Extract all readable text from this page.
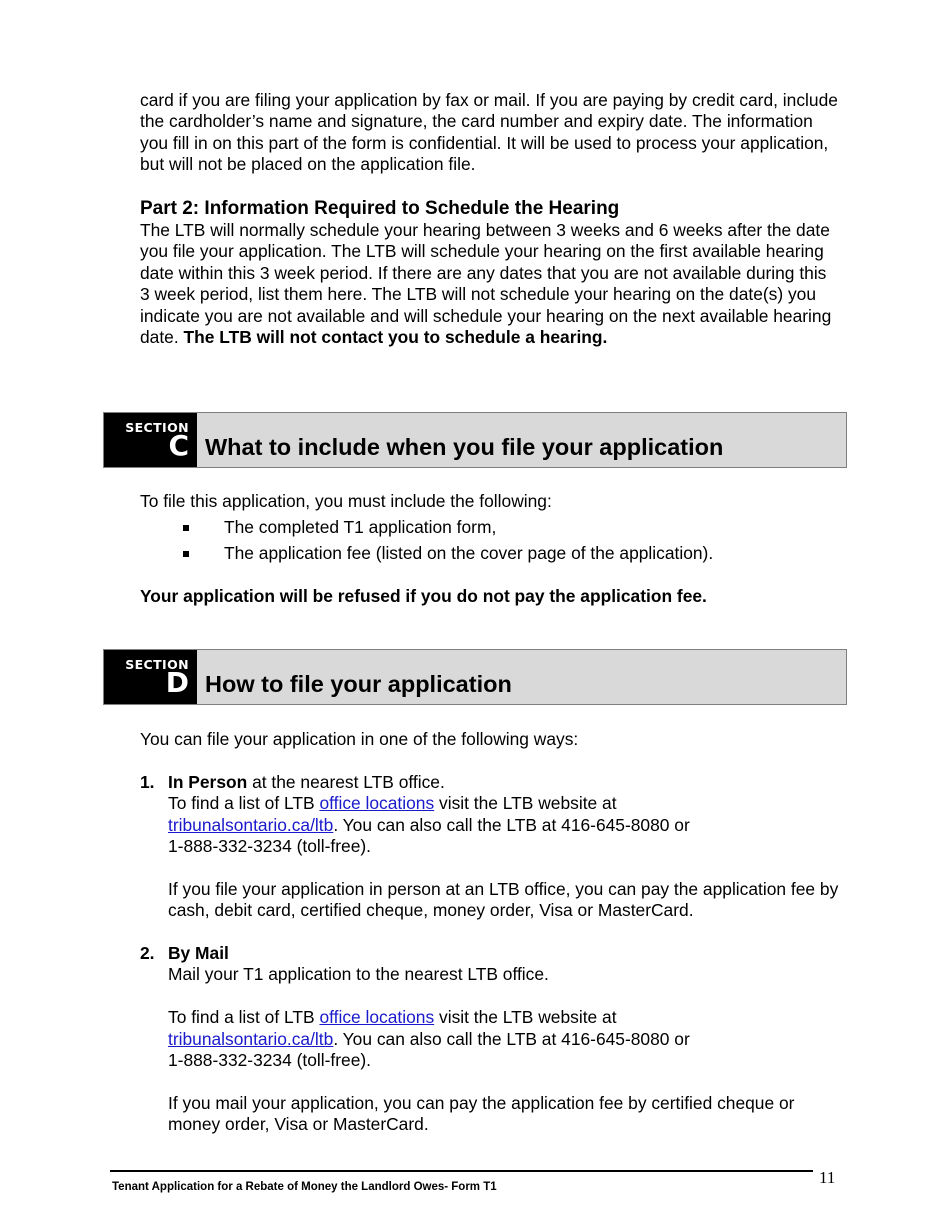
card if you are filing your application by fax or mail. If you are paying by credit card, include the cardholder’s name and signature, the card number and expiry date. The information you fill in on this part of the form is confidential. It will be used to process your application, but will not be placed on the application file.

Part 2: Information Required to Schedule the Hearing

The LTB will normally schedule your hearing between 3 weeks and 6 weeks after the date you file your application. The LTB will schedule your hearing on the first available hearing date within this 3 week period. If there are any dates that you are not available during this 3 week period, list them here. The LTB will not schedule your hearing on the date(s) you indicate you are not available and will schedule your hearing on the next available hearing date. The LTB will not contact you to schedule a hearing.

SECTION
C What to include when you file your application

To file this application, you must include the following:

The completed T1 application form,
The application fee (listed on the cover page of the application).

Your application will be refused if you do not pay the application fee.

SECTION
D How to file your application

You can file your application in one of the following ways:

1. In Person at the nearest LTB office.

To find a list of LTB office locations visit the LTB website at

tribunalsontario.ca/ltb. You can also call the LTB at 416-645-8080 or

1-888-332-3234 (toll-free).

If you file your application in person at an LTB office, you can pay the application fee by cash, debit card, certified cheque, money order, Visa or MasterCard.

2. By Mail

Mail your T1 application to the nearest LTB office.

To find a list of LTB office locations visit the LTB website at

tribunalsontario.ca/ltb. You can also call the LTB at 416-645-8080 or

1-888-332-3234 (toll-free).

If you mail your application, you can pay the application fee by certified cheque or money order, Visa or MasterCard.

Tenant Application for a Rebate of Money the Landlord Owes- Form T1	11
